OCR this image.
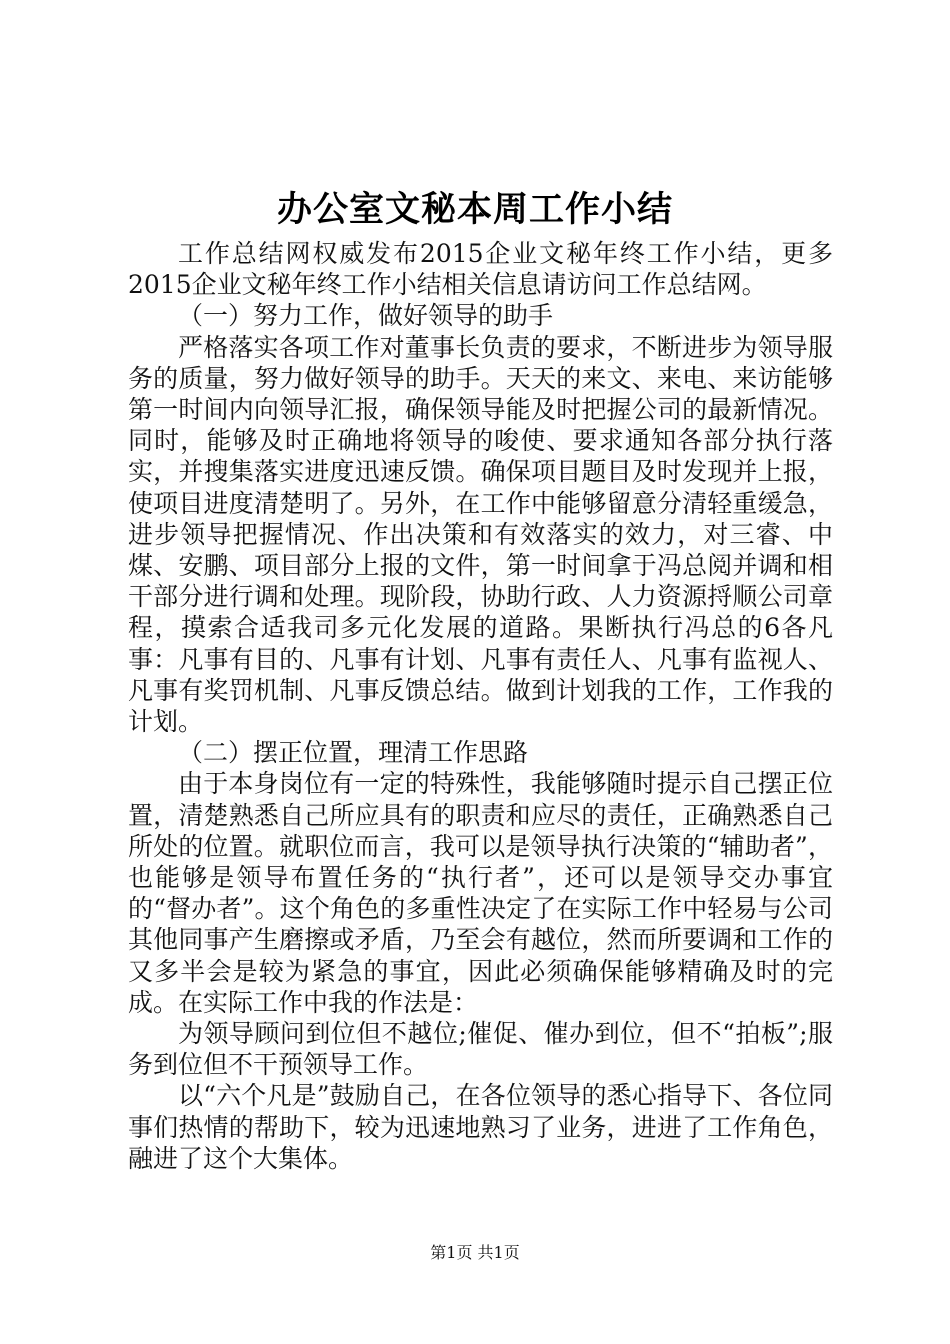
办公室文秘本周工作小结

工作总结网权威发布2015企业文秘年终工作小结，更多2015企业文秘年终工作小结相关信息请访问工作总结网。

（一）努力工作，做好领导的助手

严格落实各项工作对董事长负责的要求，不断进步为领导服务的质量，努力做好领导的助手。天天的来文、来电、来访能够第一时间内向领导汇报，确保领导能及时把握公司的最新情况。同时，能够及时正确地将领导的唆使、要求通知各部分执行落实，并搜集落实进度迅速反馈。确保项目题目及时发现并上报，使项目进度清楚明了。另外，在工作中能够留意分清轻重缓急，进步领导把握情况、作出决策和有效落实的效力，对三睿、中煤、安鹏、项目部分上报的文件，第一时间拿于冯总阅并调和相干部分进行调和处理。现阶段，协助行政、人力资源捋顺公司章程，摸索合适我司多元化发展的道路。果断执行冯总的6各凡事：凡事有目的、凡事有计划、凡事有责任人、凡事有监视人、凡事有奖罚机制、凡事反馈总结。做到计划我的工作，工作我的计划。

（二）摆正位置，理清工作思路

由于本身岗位有一定的特殊性，我能够随时提示自己摆正位置，清楚熟悉自己所应具有的职责和应尽的责任，正确熟悉自己所处的位置。就职位而言，我可以是领导执行决策的“辅助者”，也能够是领导布置任务的“执行者”，还可以是领导交办事宜的“督办者”。这个角色的多重性决定了在实际工作中轻易与公司其他同事产生磨擦或矛盾，乃至会有越位，然而所要调和工作的又多半会是较为紧急的事宜，因此必须确保能够精确及时的完成。在实际工作中我的作法是：

为领导顾问到位但不越位;催促、催办到位，但不“拍板”;服务到位但不干预领导工作。

以“六个凡是”鼓励自己，在各位领导的悉心指导下、各位同事们热情的帮助下，较为迅速地熟习了业务，进进了工作角色，融进了这个大集体。

第1页 共1页
